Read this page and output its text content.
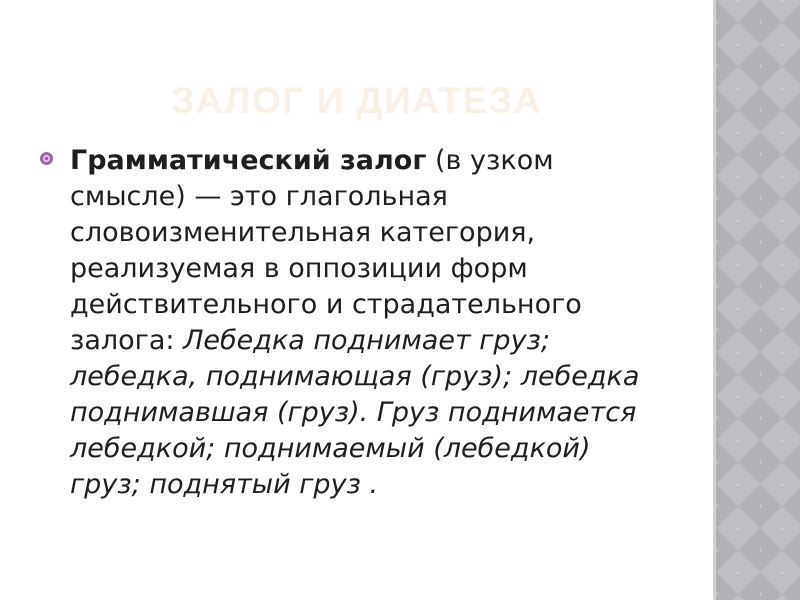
ЗАЛОГ И ДИАТЕЗА

Грамматический залог (в узком смысле) — это глагольная словоизменительная категория, реализуемая в оппозиции форм действительного и страдательного залога: Лебедка поднимает груз; лебедка, поднимающая (груз); лебедка поднимавшая (груз). Груз поднимается лебедкой; поднимаемый (лебедкой) груз; поднятый груз .
